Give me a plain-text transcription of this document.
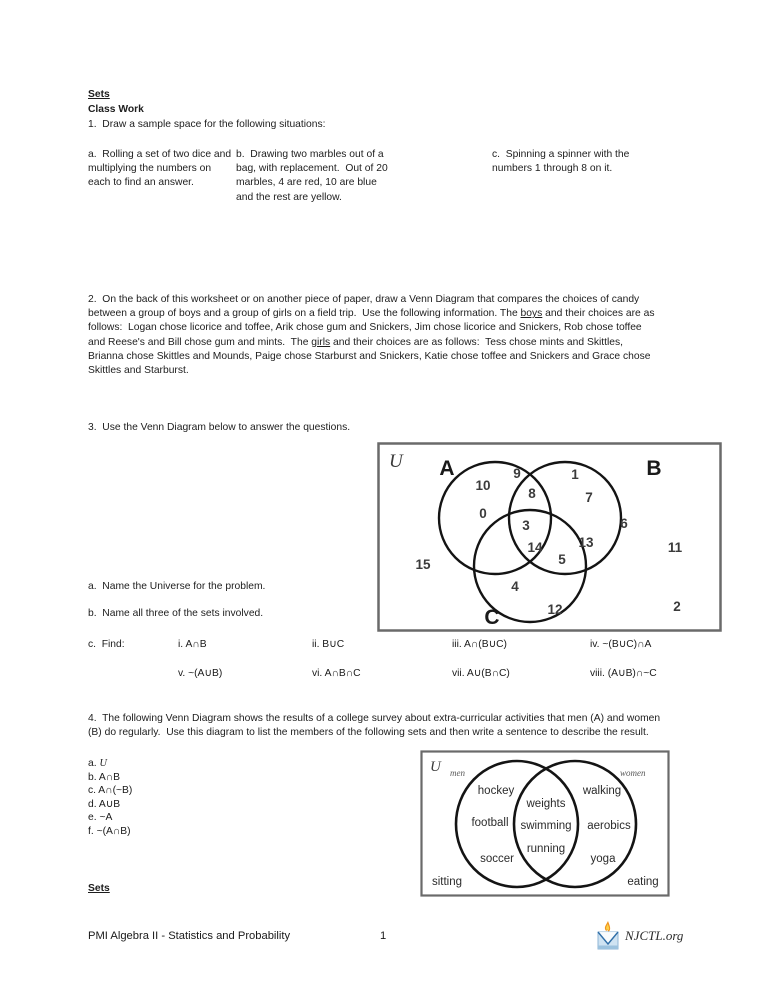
Sets
Class Work
1.  Draw a sample space for the following situations:
a.  Rolling a set of two dice and multiplying the numbers on each to find an answer.
b.  Drawing two marbles out of a bag, with replacement.  Out of 20 marbles, 4 are red, 10 are blue and the rest are yellow.
c.  Spinning a spinner with the numbers 1 through 8 on it.
2.  On the back of this worksheet or on another piece of paper, draw a Venn Diagram that compares the choices of candy between a group of boys and a group of girls on a field trip.  Use the following information. The boys and their choices are as follows:  Logan chose licorice and toffee, Arik chose gum and Snickers, Jim chose licorice and Snickers, Rob chose toffee and Reese's and Bill chose gum and mints.  The girls and their choices are as follows:  Tess chose mints and Skittles, Brianna chose Skittles and Mounds, Paige chose Starburst and Snickers, Katie chose toffee and Snickers and Grace chose Skittles and Starburst.
3.  Use the Venn Diagram below to answer the questions.
U A	B
C
10
9
0
8
1
7
3
14
5
13
6
11
15
4
12	2
a.  Name the Universe for the problem.
b.  Name all three of the sets involved.
c.  Find:	i. A∩B	ii. B∪C	iii. A∩(B∪C)	iv. ~(B∪C)∩A
v. ~(A∪B)	vi. A∩B∩C	vii. A∪(B∩C)	viii. (A∪B)∩~C
4.  The following Venn Diagram shows the results of a college survey about extra-curricular activities that men (A) and women (B) do regularly.  Use this diagram to list the members of the following sets and then write a sentence to describe the result.
a. U
b. A∩B
c. A∩(~B)
d. A∪B
e. ~A
f. ~(A∩B)
U men	women
hockey
football
soccer
weights
swimming
running
walking
aerobics
yoga
sitting	eating
Sets
PMI Algebra II - Statistics and Probability	1	NJCTL.org
